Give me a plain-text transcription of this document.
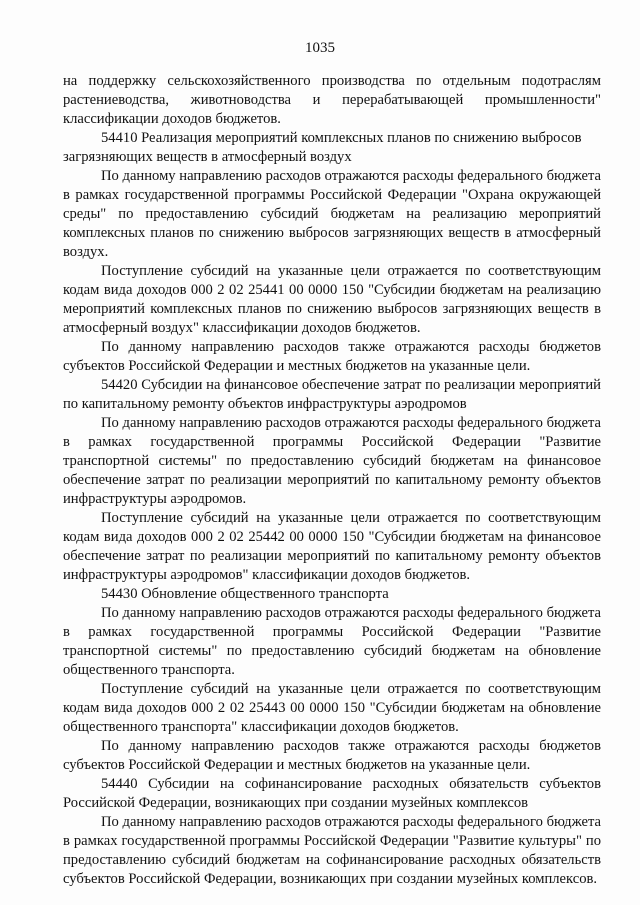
1035

на поддержку сельскохозяйственного производства по отдельным подотраслям растениеводства, животноводства и перерабатывающей промышленности" классификации доходов бюджетов.

54410 Реализация мероприятий комплексных планов по снижению выбросов загрязняющих веществ в атмосферный воздух

По данному направлению расходов отражаются расходы федерального бюджета в рамках государственной программы Российской Федерации "Охрана окружающей среды" по предоставлению субсидий бюджетам на реализацию мероприятий комплексных планов по снижению выбросов загрязняющих веществ в атмосферный воздух.

Поступление субсидий на указанные цели отражается по соответствующим кодам вида доходов 000 2 02 25441 00 0000 150 "Субсидии бюджетам на реализацию мероприятий комплексных планов по снижению выбросов загрязняющих веществ в атмосферный воздух" классификации доходов бюджетов.

По данному направлению расходов также отражаются расходы бюджетов субъектов Российской Федерации и местных бюджетов на указанные цели.

54420 Субсидии на финансовое обеспечение затрат по реализации мероприятий по капитальному ремонту объектов инфраструктуры аэродромов

По данному направлению расходов отражаются расходы федерального бюджета в рамках государственной программы Российской Федерации "Развитие транспортной системы" по предоставлению субсидий бюджетам на финансовое обеспечение затрат по реализации мероприятий по капитальному ремонту объектов инфраструктуры аэродромов.

Поступление субсидий на указанные цели отражается по соответствующим кодам вида доходов 000 2 02 25442 00 0000 150 "Субсидии бюджетам на финансовое обеспечение затрат по реализации мероприятий по капитальному ремонту объектов инфраструктуры аэродромов" классификации доходов бюджетов.

54430 Обновление общественного транспорта

По данному направлению расходов отражаются расходы федерального бюджета в рамках государственной программы Российской Федерации "Развитие транспортной системы" по предоставлению субсидий бюджетам на обновление общественного транспорта.

Поступление субсидий на указанные цели отражается по соответствующим кодам вида доходов 000 2 02 25443 00 0000 150 "Субсидии бюджетам на обновление общественного транспорта" классификации доходов бюджетов.

По данному направлению расходов также отражаются расходы бюджетов субъектов Российской Федерации и местных бюджетов на указанные цели.

54440 Субсидии на софинансирование расходных обязательств субъектов Российской Федерации, возникающих при создании музейных комплексов

По данному направлению расходов отражаются расходы федерального бюджета в рамках государственной программы Российской Федерации "Развитие культуры" по предоставлению субсидий бюджетам на софинансирование расходных обязательств субъектов Российской Федерации, возникающих при создании музейных комплексов.
